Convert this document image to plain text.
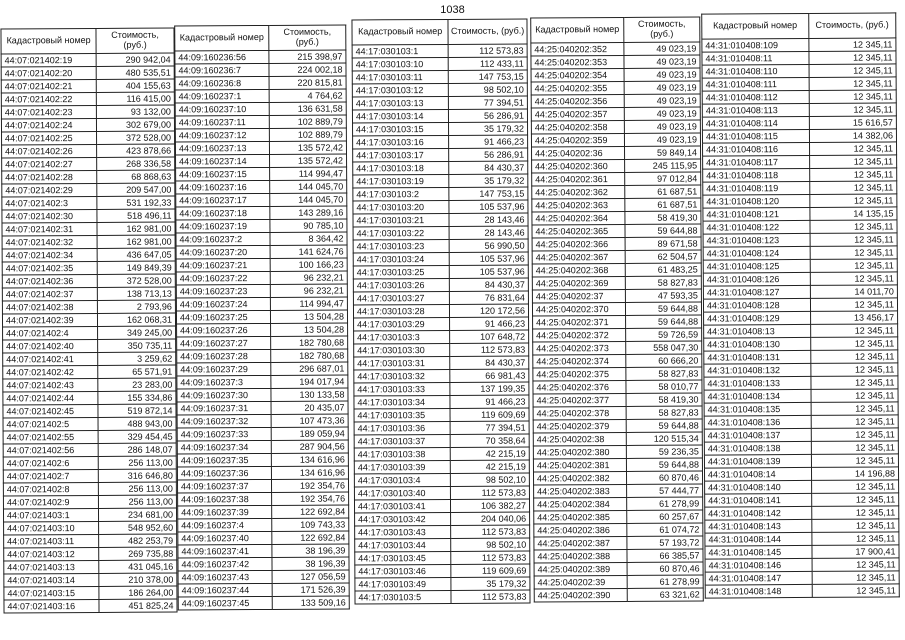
1038
Кадастровый номер	Стоимость, (руб.)
44:07:021402:19	290 942,04
44:07:021402:20	480 535,51
44:07:021402:21	404 155,63
44:07:021402:22	116 415,00
44:07:021402:23	93 132,00
44:07:021402:24	302 679,00
44:07:021402:25	372 528,00
44:07:021402:26	423 878,66
44:07:021402:27	268 336,58
44:07:021402:28	68 868,63
44:07:021402:29	209 547,00
44:07:021402:3	531 192,33
44:07:021402:30	518 496,11
44:07:021402:31	162 981,00
44:07:021402:32	162 981,00
44:07:021402:34	436 647,05
44:07:021402:35	149 849,39
44:07:021402:36	372 528,00
44:07:021402:37	138 713,13
44:07:021402:38	2 793,96
44:07:021402:39	162 068,31
44:07:021402:4	349 245,00
44:07:021402:40	350 735,11
44:07:021402:41	3 259,62
44:07:021402:42	65 571,91
44:07:021402:43	23 283,00
44:07:021402:44	155 334,86
44:07:021402:45	519 872,14
44:07:021402:5	488 943,00
44:07:021402:55	329 454,45
44:07:021402:56	286 148,07
44:07:021402:6	256 113,00
44:07:021402:7	316 646,80
44:07:021402:8	256 113,00
44:07:021402:9	256 113,00
44:07:021403:1	234 681,00
44:07:021403:10	548 952,60
44:07:021403:11	482 253,79
44:07:021403:12	269 735,88
44:07:021403:13	431 045,16
44:07:021403:14	210 378,00
44:07:021403:15	186 264,00
44:07:021403:16	451 825,24
Кадастровый номер	Стоимость, (руб.)
44:09:160236:56	215 398,97
44:09:160236:7	224 002,18
44:09:160236:8	220 815,81
44:09:160237:1	4 764,62
44:09:160237:10	136 631,58
44:09:160237:11	102 889,79
44:09:160237:12	102 889,79
44:09:160237:13	135 572,42
44:09:160237:14	135 572,42
44:09:160237:15	114 994,47
44:09:160237:16	144 045,70
44:09:160237:17	144 045,70
44:09:160237:18	143 289,16
44:09:160237:19	90 785,10
44:09:160237:2	8 364,42
44:09:160237:20	141 624,76
44:09:160237:21	100 166,23
44:09:160237:22	96 232,21
44:09:160237:23	96 232,21
44:09:160237:24	114 994,47
44:09:160237:25	13 504,28
44:09:160237:26	13 504,28
44:09:160237:27	182 780,68
44:09:160237:28	182 780,68
44:09:160237:29	296 687,01
44:09:160237:3	194 017,94
44:09:160237:30	130 133,58
44:09:160237:31	20 435,07
44:09:160237:32	107 473,36
44:09:160237:33	189 059,94
44:09:160237:34	287 904,56
44:09:160237:35	134 616,96
44:09:160237:36	134 616,96
44:09:160237:37	192 354,76
44:09:160237:38	192 354,76
44:09:160237:39	122 692,84
44:09:160237:4	109 743,33
44:09:160237:40	122 692,84
44:09:160237:41	38 196,39
44:09:160237:42	38 196,39
44:09:160237:43	127 056,59
44:09:160237:44	171 526,39
44:09:160237:45	133 509,16
Кадастровый номер	Стоимость, (руб.)
44:17:030103:1	112 573,83
44:17:030103:10	112 433,11
44:17:030103:11	147 753,15
44:17:030103:12	98 502,10
44:17:030103:13	77 394,51
44:17:030103:14	56 286,91
44:17:030103:15	35 179,32
44:17:030103:16	91 466,23
44:17:030103:17	56 286,91
44:17:030103:18	84 430,37
44:17:030103:19	35 179,32
44:17:030103:2	147 753,15
44:17:030103:20	105 537,96
44:17:030103:21	28 143,46
44:17:030103:22	28 143,46
44:17:030103:23	56 990,50
44:17:030103:24	105 537,96
44:17:030103:25	105 537,96
44:17:030103:26	84 430,37
44:17:030103:27	76 831,64
44:17:030103:28	120 172,56
44:17:030103:29	91 466,23
44:17:030103:3	107 648,72
44:17:030103:30	112 573,83
44:17:030103:31	84 430,37
44:17:030103:32	66 981,43
44:17:030103:33	137 199,35
44:17:030103:34	91 466,23
44:17:030103:35	119 609,69
44:17:030103:36	77 394,51
44:17:030103:37	70 358,64
44:17:030103:38	42 215,19
44:17:030103:39	42 215,19
44:17:030103:4	98 502,10
44:17:030103:40	112 573,83
44:17:030103:41	106 382,27
44:17:030103:42	204 040,06
44:17:030103:43	112 573,83
44:17:030103:44	98 502,10
44:17:030103:45	112 573,83
44:17:030103:46	119 609,69
44:17:030103:49	35 179,32
44:17:030103:5	112 573,83
Кадастровый номер	Стоимость, (руб.)
44:25:040202:352	49 023,19
44:25:040202:353	49 023,19
44:25:040202:354	49 023,19
44:25:040202:355	49 023,19
44:25:040202:356	49 023,19
44:25:040202:357	49 023,19
44:25:040202:358	49 023,19
44:25:040202:359	49 023,19
44:25:040202:36	59 849,14
44:25:040202:360	245 115,95
44:25:040202:361	97 012,84
44:25:040202:362	61 687,51
44:25:040202:363	61 687,51
44:25:040202:364	58 419,30
44:25:040202:365	59 644,88
44:25:040202:366	89 671,58
44:25:040202:367	62 504,57
44:25:040202:368	61 483,25
44:25:040202:369	58 827,83
44:25:040202:37	47 593,35
44:25:040202:370	59 644,88
44:25:040202:371	59 644,88
44:25:040202:372	59 726,59
44:25:040202:373	558 047,30
44:25:040202:374	60 666,20
44:25:040202:375	58 827,83
44:25:040202:376	58 010,77
44:25:040202:377	58 419,30
44:25:040202:378	58 827,83
44:25:040202:379	59 644,88
44:25:040202:38	120 515,34
44:25:040202:380	59 236,35
44:25:040202:381	59 644,88
44:25:040202:382	60 870,46
44:25:040202:383	57 444,77
44:25:040202:384	61 278,99
44:25:040202:385	60 257,67
44:25:040202:386	61 074,72
44:25:040202:387	57 193,72
44:25:040202:388	66 385,57
44:25:040202:389	60 870,46
44:25:040202:39	61 278,99
44:25:040202:390	63 321,62
Кадастровый номер	Стоимость, (руб.)
44:31:010408:109	12 345,11
44:31:010408:11	12 345,11
44:31:010408:110	12 345,11
44:31:010408:111	12 345,11
44:31:010408:112	12 345,11
44:31:010408:113	12 345,11
44:31:010408:114	15 616,57
44:31:010408:115	14 382,06
44:31:010408:116	12 345,11
44:31:010408:117	12 345,11
44:31:010408:118	12 345,11
44:31:010408:119	12 345,11
44:31:010408:120	12 345,11
44:31:010408:121	14 135,15
44:31:010408:122	12 345,11
44:31:010408:123	12 345,11
44:31:010408:124	12 345,11
44:31:010408:125	12 345,11
44:31:010408:126	12 345,11
44:31:010408:127	14 011,70
44:31:010408:128	12 345,11
44:31:010408:129	13 456,17
44:31:010408:13	12 345,11
44:31:010408:130	12 345,11
44:31:010408:131	12 345,11
44:31:010408:132	12 345,11
44:31:010408:133	12 345,11
44:31:010408:134	12 345,11
44:31:010408:135	12 345,11
44:31:010408:136	12 345,11
44:31:010408:137	12 345,11
44:31:010408:138	12 345,11
44:31:010408:139	12 345,11
44:31:010408:14	14 196,88
44:31:010408:140	12 345,11
44:31:010408:141	12 345,11
44:31:010408:142	12 345,11
44:31:010408:143	12 345,11
44:31:010408:144	12 345,11
44:31:010408:145	17 900,41
44:31:010408:146	12 345,11
44:31:010408:147	12 345,11
44:31:010408:148	12 345,11
